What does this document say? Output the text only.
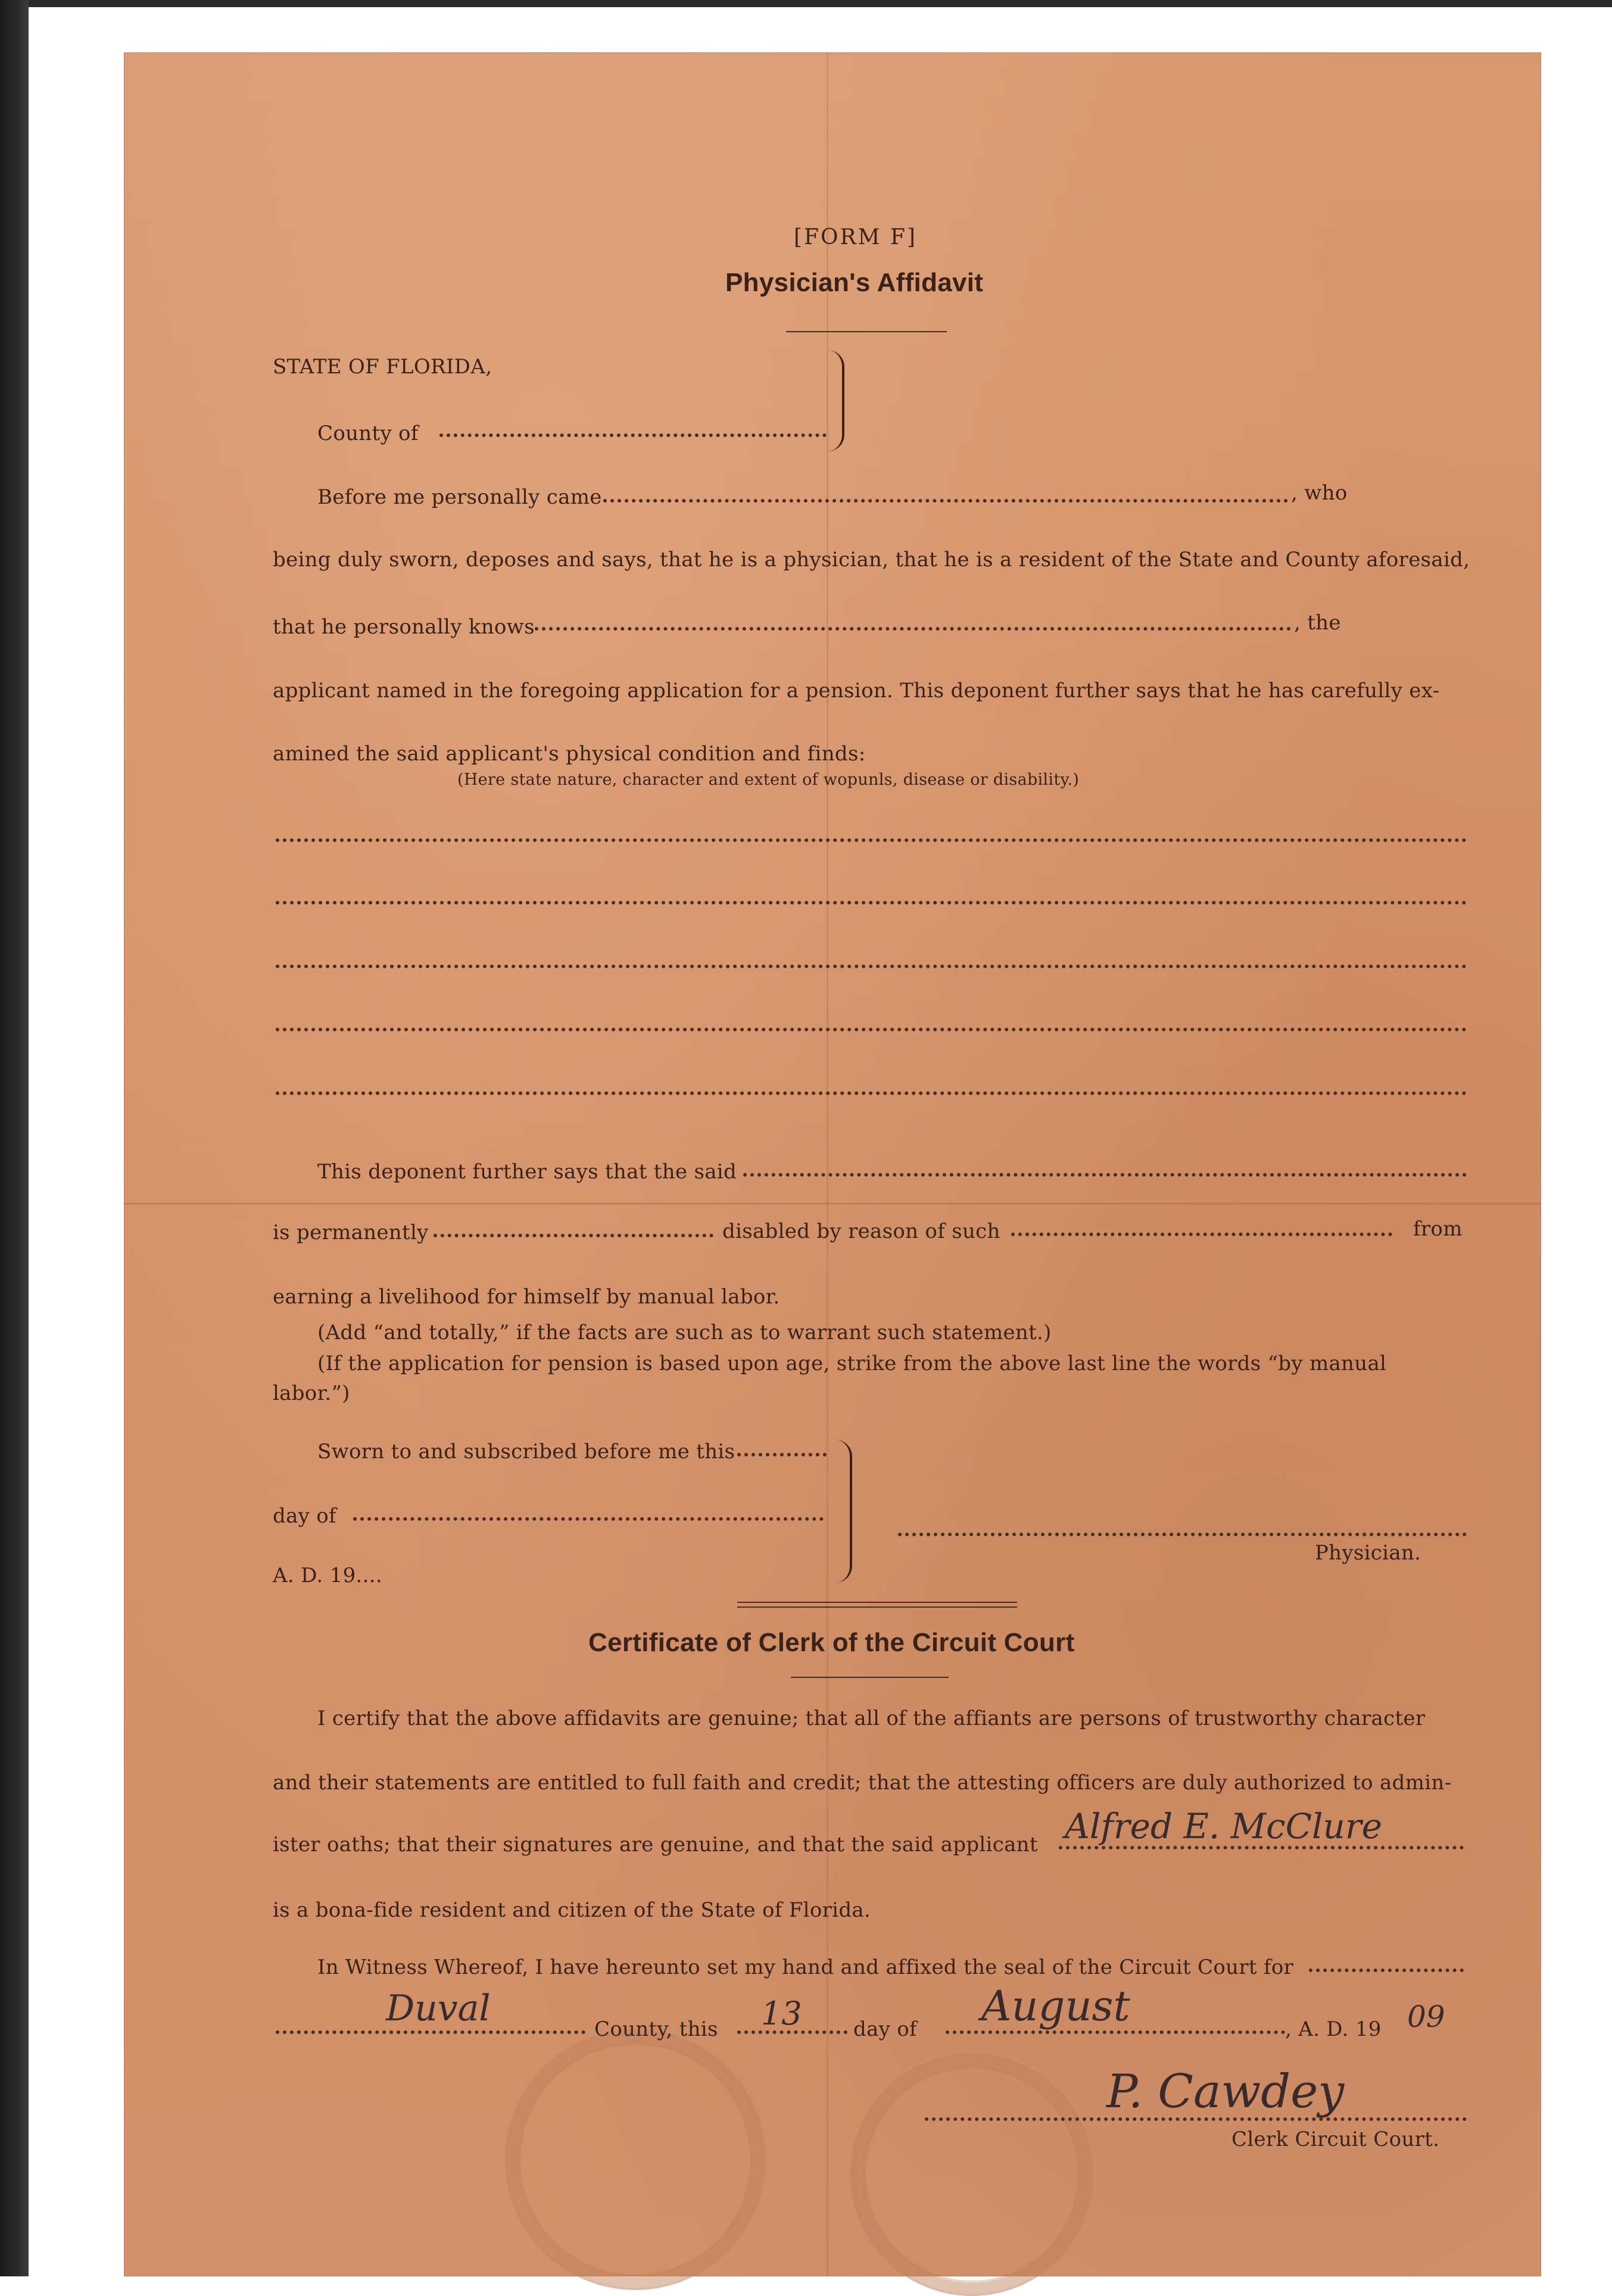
[FORM F]
Physician's Affidavit
STATE OF FLORIDA,
County of
Before me personally came	, who
being duly sworn, deposes and says, that he is a physician, that he is a resident of the State and County aforesaid,
that he personally knows	, the
applicant named in the foregoing application for a pension. This deponent further says that he has carefully ex-
amined the said applicant's physical condition and finds:
(Here state nature, character and extent of wopunls, disease or disability.)
This deponent further says that the said
is permanently	disabled by reason of such	from
earning a livelihood for himself by manual labor.
(Add “and totally,” if the facts are such as to warrant such statement.)
(If the application for pension is based upon age, strike from the above last line the words “by manual
labor.”)
Sworn to and subscribed before me this
day of
A. D. 19....
Physician.
Certificate of Clerk of the Circuit Court
I certify that the above affidavits are genuine; that all of the affiants are persons of trustworthy character
and their statements are entitled to full faith and credit; that the attesting officers are duly authorized to admin-
ister oaths; that their signatures are genuine, and that the said applicant Alfred E. McClure
is a bona-fide resident and citizen of the State of Florida.
In Witness Whereof, I have hereunto set my hand and affixed the seal of the Circuit Court for
Duval	County, this 13	day of August	, A. D. 19 09
P. Cawdey
Clerk Circuit Court.
